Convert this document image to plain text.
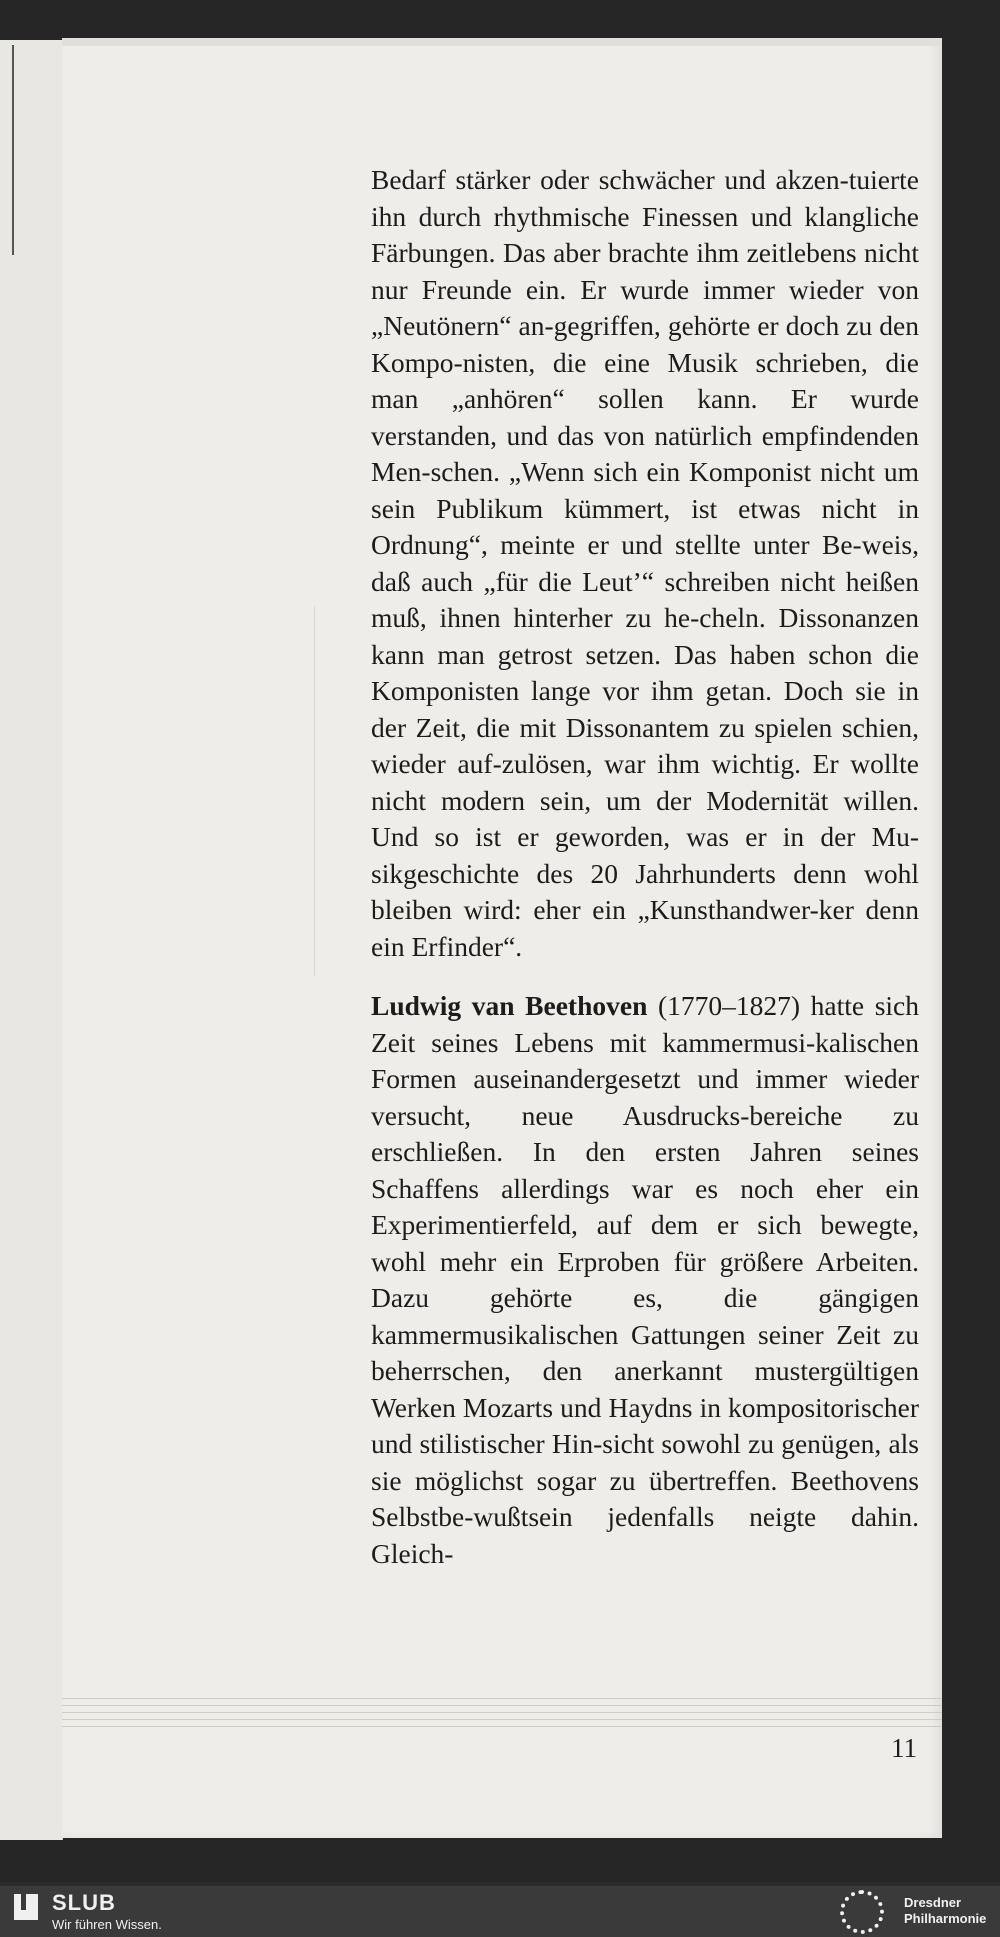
Bedarf stärker oder schwächer und akzen-tuierte ihn durch rhythmische Finessen und klangliche Färbungen. Das aber brachte ihm zeitlebens nicht nur Freunde ein. Er wurde immer wieder von „Neutönern“ an-gegriffen, gehörte er doch zu den Kompo-nisten, die eine Musik schrieben, die man „anhören“ sollen kann. Er wurde verstanden, und das von natürlich empfindenden Men-schen. „Wenn sich ein Komponist nicht um sein Publikum kümmert, ist etwas nicht in Ordnung“, meinte er und stellte unter Be-weis, daß auch „für die Leut’“ schreiben nicht heißen muß, ihnen hinterher zu he-cheln. Dissonanzen kann man getrost setzen. Das haben schon die Komponisten lange vor ihm getan. Doch sie in der Zeit, die mit Dissonantem zu spielen schien, wieder auf-zulösen, war ihm wichtig. Er wollte nicht modern sein, um der Modernität willen. Und so ist er geworden, was er in der Mu-sikgeschichte des 20 Jahrhunderts denn wohl bleiben wird: eher ein „Kunsthandwer-ker denn ein Erfinder“.

Ludwig van Beethoven (1770–1827) hatte sich Zeit seines Lebens mit kammermusi-kalischen Formen auseinandergesetzt und immer wieder versucht, neue Ausdrucks-bereiche zu erschließen. In den ersten Jahren seines Schaffens allerdings war es noch eher ein Experimentierfeld, auf dem er sich bewegte, wohl mehr ein Erproben für größere Arbeiten. Dazu gehörte es, die gängigen kammermusikalischen Gattungen seiner Zeit zu beherrschen, den anerkannt mustergültigen Werken Mozarts und Haydns in kompositorischer und stilistischer Hin-sicht sowohl zu genügen, als sie möglichst sogar zu übertreffen. Beethovens Selbstbe-wußtsein jedenfalls neigte dahin. Gleich-

11
SLUB
Wir führen Wissen.
Dresdner
Philharmonie
